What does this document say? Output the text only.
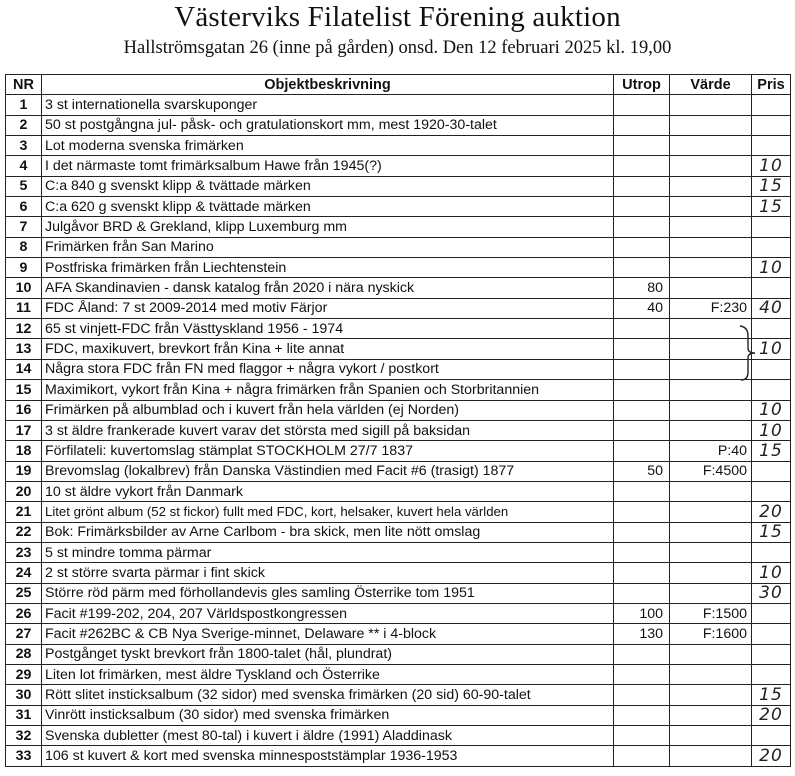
Västerviks Filatelist Förening auktion
Hallströmsgatan 26 (inne på gården) onsd. Den 12 februari 2025 kl. 19,00
NR	Objektbeskrivning	Utrop	Värde	Pris
1	3 st internationella svarskuponger			
2	50 st postgångna jul- påsk- och gratulationskort mm, mest 1920-30-talet			
3	Lot moderna svenska frimärken			
4	I det närmaste tomt frimärksalbum Hawe från 1945(?)			10
5	C:a 840 g svenskt klipp & tvättade märken			15
6	C:a 620 g svenskt klipp & tvättade märken			15
7	Julgåvor BRD & Grekland, klipp Luxemburg mm			
8	Frimärken från San Marino			
9	Postfriska frimärken från Liechtenstein			10
10	AFA Skandinavien - dansk katalog från 2020 i nära nyskick	80		
11	FDC Åland: 7 st 2009-2014 med motiv Färjor	40	F:230	40
12	65 st vinjett-FDC från Västtyskland 1956 - 1974			
13	FDC, maxikuvert, brevkort från Kina + lite annat			10
14	Några stora FDC från FN med flaggor + några vykort / postkort			
15	Maximikort, vykort från Kina + några frimärken från Spanien och Storbritannien			
16	Frimärken på albumblad och i kuvert från hela världen (ej Norden)			10
17	3 st äldre frankerade kuvert varav det största med sigill på baksidan			10
18	Förfilateli: kuvertomslag stämplat STOCKHOLM 27/7 1837		P:40	15
19	Brevomslag (lokalbrev) från Danska Västindien med Facit #6 (trasigt) 1877	50	F:4500	
20	10 st äldre vykort från Danmark			
21	Litet grönt album (52 st fickor) fullt med FDC, kort, helsaker, kuvert hela världen			20
22	Bok: Frimärksbilder av Arne Carlbom - bra skick, men lite nött omslag			15
23	5 st mindre tomma pärmar			
24	2 st större svarta pärmar i fint skick			10
25	Större röd pärm med förhollandevis gles samling Österrike tom 1951			30
26	Facit #199-202, 204, 207 Världspostkongressen	100	F:1500	
27	Facit #262BC & CB Nya Sverige-minnet, Delaware ** i 4-block	130	F:1600	
28	Postgånget tyskt brevkort från 1800-talet (hål, plundrat)			
29	Liten lot frimärken, mest äldre Tyskland och Österrike			
30	Rött slitet insticksalbum (32 sidor) med svenska frimärken (20 sid) 60-90-talet			15
31	Vinrött insticksalbum (30 sidor) med svenska frimärken			20
32	Svenska dubletter (mest 80-tal) i kuvert i äldre (1991) Aladdinask			
33	106 st kuvert & kort med svenska minnespoststämplar 1936-1953			20
